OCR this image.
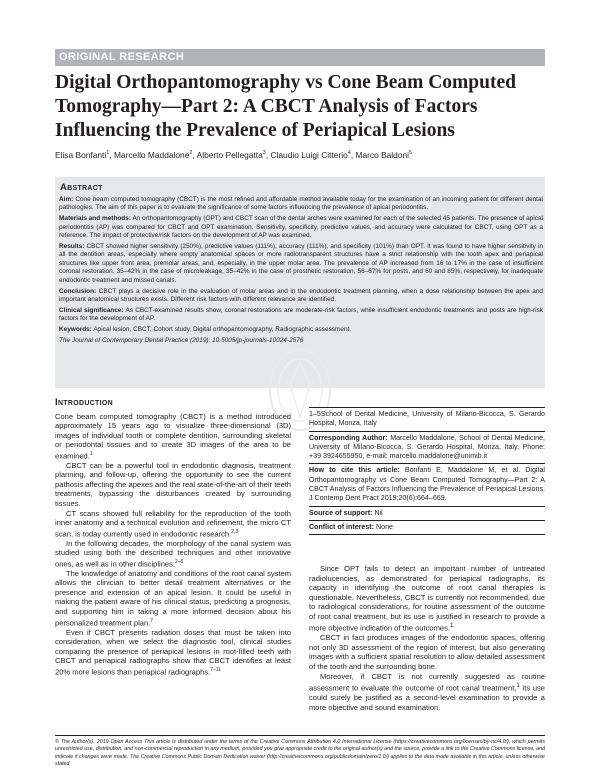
ORIGINAL RESEARCH
Digital Orthopantomography vs Cone Beam Computed Tomography—Part 2: A CBCT Analysis of Factors Influencing the Prevalence of Periapical Lesions
Elisa Bonfanti$^1$, Marcello Maddalone$^2$, Alberto Pellegatta$^3$, Claudio Luigi Citterio$^4$, Marco Baldoni$^5$
Abstract

Aim: Cone beam computed tomography (CBCT) is the most refined and affordable method available today for the examination of an incoming patient for different dental pathologies. The aim of this paper is to evaluate the significance of some factors influencing the prevalence of apical periodontitis.

Materials and methods: An orthopantomography (OPT) and CBCT scan of the dental arches were examined for each of the selected 45 patients. The presence of apical periodontitis (AP) was compared for CBCT and OPT examination. Sensitivity, specificity, predictive values, and accuracy were calculated for CBCT, using OPT as a reference. The impact of protective/risk factors on the development of AP was examined.

Results: CBCT showed higher sensitivity (250%), predictive values (111%), accuracy (111%), and specificity (101%) than OPT. It was found to have higher sensitivity in all the dentition areas, especially where empty anatomical spaces or more radiotransparent structures have a strict relationship with the tooth apex and periapical structures like upper front area, premolar areas, and, especially, in the upper molar area. The prevalence of AP increased from 16 to 17% in the case of insufficient coronal restoration, 35–42% in the case of microleakage, 35–42% in the case of prosthetic restoration, 56–67% for posts, and 60 and 85%, respectively, for inadequate endodontic treatment and missed canals.

Conclusion: CBCT plays a decisive role in the evaluation of molar areas and in the endodontic treatment planning, when a dose relationship between the apex and important anatomical structures exists. Different risk factors with different relevance are identified.

Clinical significance: As CBCT-examined results show, coronal restorations are moderate-risk factors, while insufficient endodontic treatments and posts are high-risk factors for the development of AP.

Keywords: Apical lesion, CBCT, Cohort study, Digital orthopantomography, Radiographic assessment.

The Journal of Contemporary Dental Practice (2019): 10.5005/jp-journals-10024-2576

Introduction

Cone beam computed tomography (CBCT) is a method introduced approximately 15 years ago to visualize three-dimensional (3D) images of individual tooth or complete dentition, surrounding skeletal or periodontal tissues and to create 3D images of the area to be examined.$^1$

CBCT can be a powerful tool in endodontic diagnosis, treatment planning, and follow-up, offering the opportunity to see the current pathosis affecting the apexes and the real state-of-the-art of their teeth treatments, bypassing the disturbances created by surrounding tissues.

CT scans showed full reliability for the reproduction of the tooth inner anatomy and a technical evolution and refinement, the micro CT scan, is today currently used in endodontic research.$^{2,3}$

In the following decades, the morphology of the canal system was studied using both the described techniques and other innovative ones, as well as in other disciplines.$^{2-6}$

The knowledge of anatomy and conditions of the root canal system allows the clinician to better detail treatment alternatives or the presence and extension of an apical lesion. It could be useful in making the patient aware of his clinical status, predicting a prognosis, and supporting him in taking a more informed decision about his personalized treatment plan.$^7$

Even if CBCT presents radiation doses that must be taken into consideration, when we select the diagnostic tool, clinical studies comparing the presence of periapical lesions in root-filled teeth with CBCT and periapical radiographs show that CBCT identifies at least 20% more lesions than periapical radiographs.$^{7-11}$

1–5School of Dental Medicine, University of Milano-Bicocca, S. Gerardo Hospital, Monza, Italy

Corresponding Author: Marcello Maddalone, School of Dental Medicine, University of Milano-Bicocca, S. Gerardo Hospital, Monza, Italy, Phone: +39 3924655950, e-mail: marcello.maddalone@unimib.it

How to cite this article: Bonfanti E, Maddalone M, et al. Digital Orthopantomography vs Cone Beam Computed Tomography—Part 2: A CBCT Analysis of Factors Influencing the Prevalence of Periapical Lesions. J Contemp Dent Pract 2019;20(6):664–669.

Source of support: Nil

Conflict of interest: None

Since OPT fails to detect an important number of untreated radiolucencies, as demonstrated for periapical radiographs, its capacity in identifying the outcome of root canal therapies is questionable. Nevertheless, CBCT is currently not recommended, due to radiological considerations, for routine assessment of the outcome of root canal treatment, but its use is justified in research to provide a more objective indication of the outcomes.$^1$

CBCT in fact produces images of the endodontic spaces, offering not only 3D assessment of the region of interest, but also generating images with a sufficient spatial resolution to allow detailed assessment of the tooth and the surrounding bone.

Moreover, if CBCT is not currently suggested as routine assessment to evaluate the outcome of root canal treatment,$^1$ its use could surely be justified as a second-level examination to provide a more objective and sound examination.

© The Author(s). 2019 Open Access This article is distributed under the terms of the Creative Commons Attribution 4.0 International License (https://creativecommons.org/licenses/by-nc/4.0/), which permits unrestricted use, distribution, and non-commercial reproduction in any medium, provided you give appropriate credit to the original author(s) and the source, provide a link to the Creative Commons license, and indicate if changes were made. The Creative Commons Public Domain Dedication waiver (http://creativecommons.org/publicdomain/zero/1.0/) applies to the data made available in this article, unless otherwise stated.
